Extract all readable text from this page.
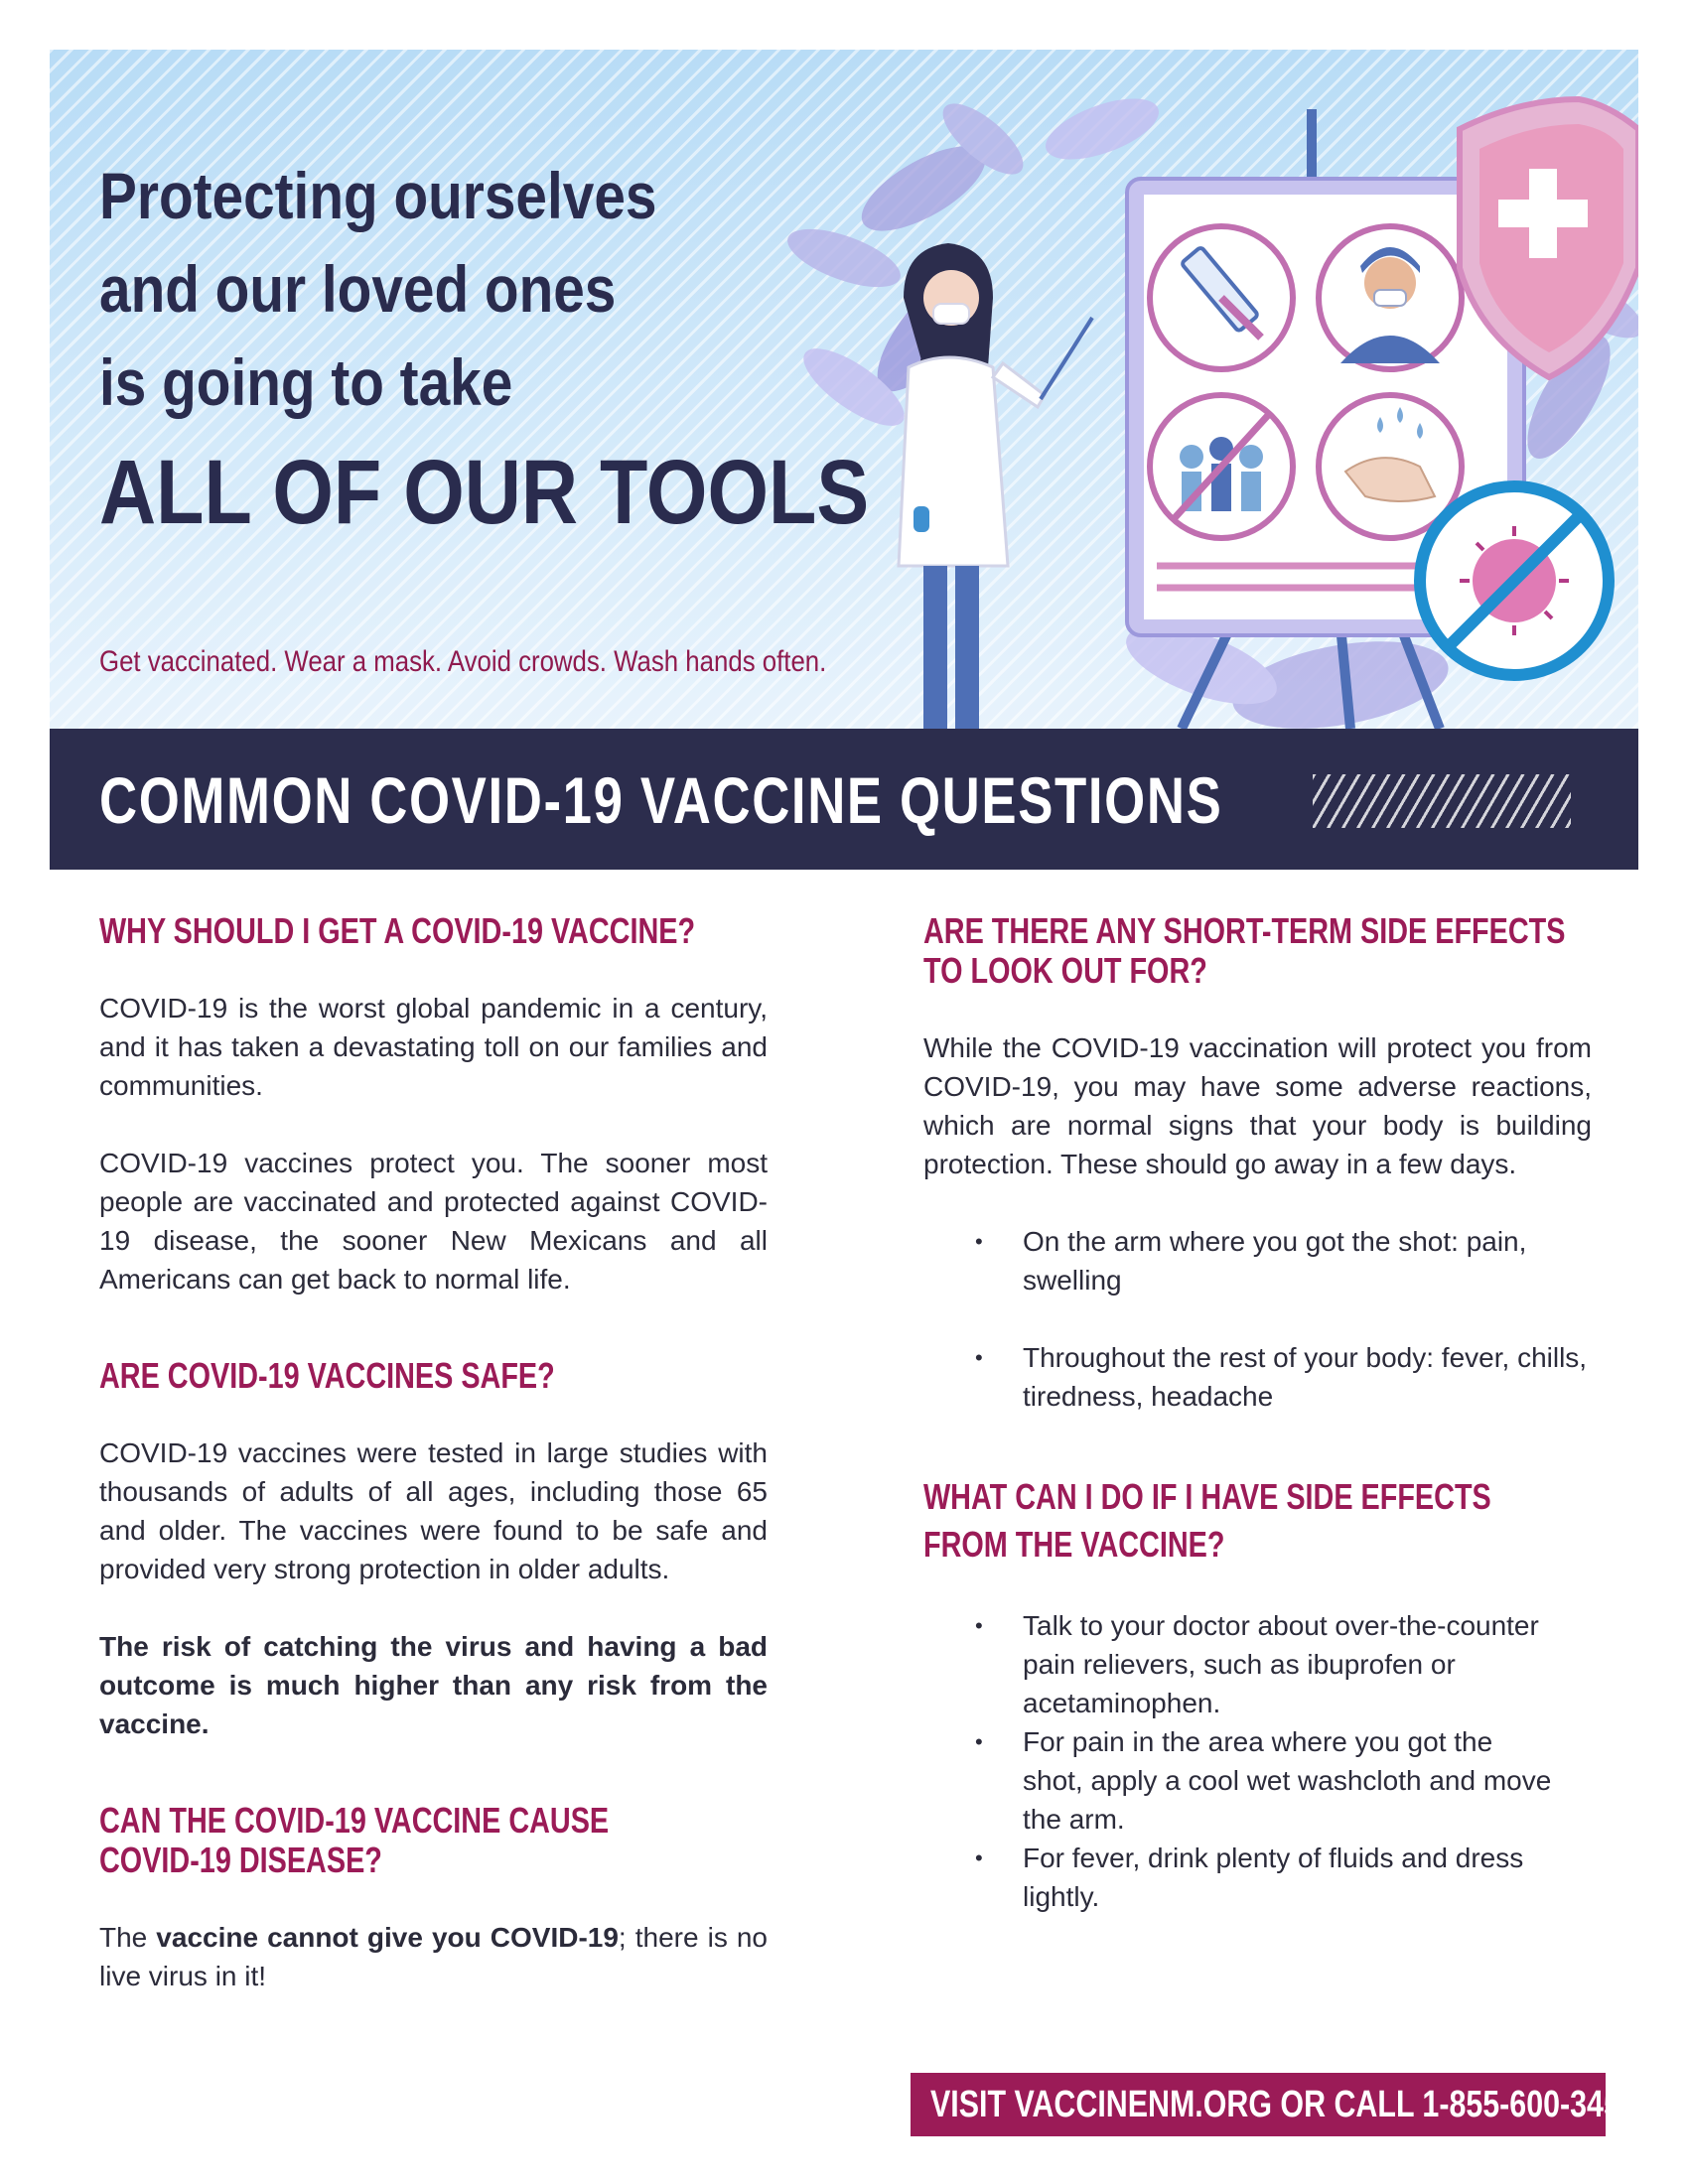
Protecting ourselves
and our loved ones
is going to take
ALL OF OUR TOOLS

Get vaccinated. Wear a mask. Avoid crowds. Wash hands often.

COMMON COVID-19 VACCINE QUESTIONS
WHY SHOULD I GET A COVID-19 VACCINE?

COVID-19 is the worst global pandemic in a century, and it has taken a devastating toll on our families and communities.

COVID-19 vaccines protect you. The sooner most people are vaccinated and protected against COVID-19 disease, the sooner New Mexicans and all Americans can get back to normal life.

ARE COVID-19 VACCINES SAFE?

COVID-19 vaccines were tested in large studies with thousands of adults of all ages, including those 65 and older. The vaccines were found to be safe and provided very strong protection in older adults.

The risk of catching the virus and having a bad outcome is much higher than any risk from the vaccine.

CAN THE COVID-19 VACCINE CAUSE
COVID-19 DISEASE?

The vaccine cannot give you COVID-19; there is no live virus in it!

ARE THERE ANY SHORT-TERM SIDE EFFECTS
TO LOOK OUT FOR?

While the COVID-19 vaccination will protect you from COVID-19, you may have some adverse reactions, which are normal signs that your body is building protection. These should go away in a few days.

• On the arm where you got the shot: pain, swelling
• Throughout the rest of your body: fever, chills, tiredness, headache
WHAT CAN I DO IF I HAVE SIDE EFFECTS
FROM THE VACCINE?
• Talk to your doctor about over-the-counter pain relievers, such as ibuprofen or acetaminophen.
• For pain in the area where you got the shot, apply a cool wet washcloth and move the arm.
• For fever, drink plenty of fluids and dress lightly.

VISIT VACCINENM.ORG OR CALL 1-855-600-3453
